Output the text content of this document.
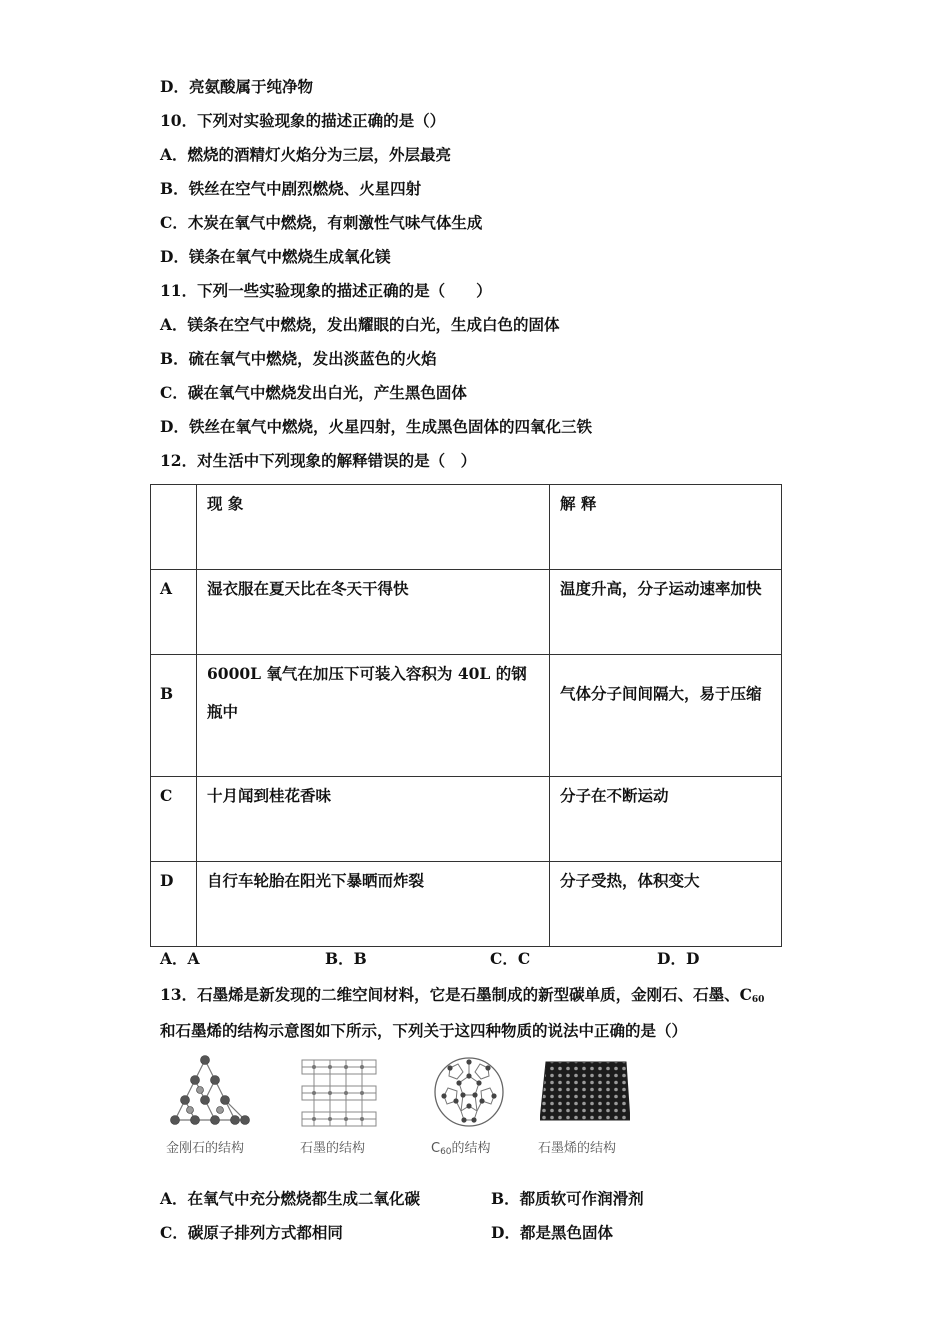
D．亮氨酸属于纯净物
10．下列对实验现象的描述正确的是（）
A．燃烧的酒精灯火焰分为三层，外层最亮
B．铁丝在空气中剧烈燃烧、火星四射
C．木炭在氧气中燃烧，有刺激性气味气体生成
D．镁条在氧气中燃烧生成氧化镁
11．下列一些实验现象的描述正确的是（　　）
A．镁条在空气中燃烧，发出耀眼的白光，生成白色的固体
B．硫在氧气中燃烧，发出淡蓝色的火焰
C．碳在氧气中燃烧发出白光，产生黑色固体
D．铁丝在氧气中燃烧，火星四射，生成黑色固体的四氧化三铁
12．对生活中下列现象的解释错误的是（　）
	现 象	解 释
A	湿衣服在夏天比在冬天干得快	温度升高，分子运动速率加快
B	6000L 氧气在加压下可装入容积为 40L 的钢
瓶中	气体分子间间隔大，易于压缩
C	十月闻到桂花香味	分子在不断运动
D	自行车轮胎在阳光下暴晒而炸裂	分子受热，体积变大
A．A	B．B	C．C	D．D
13．石墨烯是新发现的二维空间材料，它是石墨制成的新型碳单质，金刚石、石墨、$C_{60}$
和石墨烯的结构示意图如下所示，下列关于这四种物质的说法中正确的是（）
金刚石的结构	石墨的结构	$C_{60}$的结构	石墨烯的结构
A．在氧气中充分燃烧都生成二氧化碳	B．都质软可作润滑剂
C．碳原子排列方式都相同	D．都是黑色固体
